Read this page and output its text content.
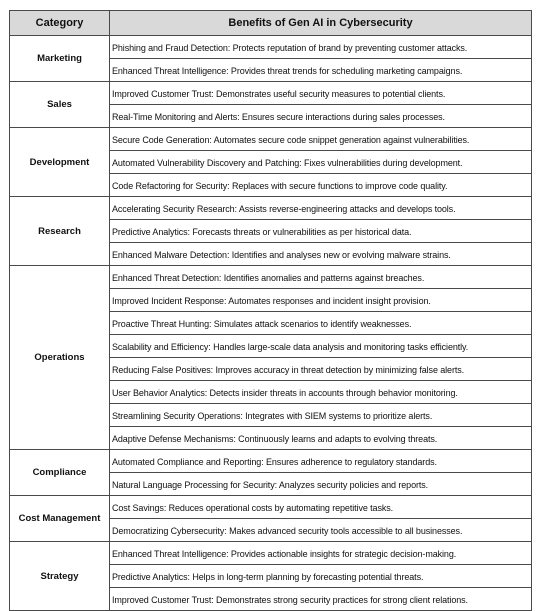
Category	Benefits of Gen AI in Cybersecurity
Marketing	Phishing and Fraud Detection: Protects reputation of brand by preventing customer attacks.
	Enhanced Threat Intelligence: Provides threat trends for scheduling marketing campaigns.
Sales	Improved Customer Trust: Demonstrates useful security measures to potential clients.
	Real-Time Monitoring and Alerts: Ensures secure interactions during sales processes.
Development	Secure Code Generation: Automates secure code snippet generation against vulnerabilities.
	Automated Vulnerability Discovery and Patching: Fixes vulnerabilities during development.
	Code Refactoring for Security: Replaces with secure functions to improve code quality.
Research	Accelerating Security Research: Assists reverse-engineering attacks and develops tools.
	Predictive Analytics: Forecasts threats or vulnerabilities as per historical data.
	Enhanced Malware Detection: Identifies and analyses new or evolving malware strains.
Operations	Enhanced Threat Detection: Identifies anomalies and patterns against breaches.
	Improved Incident Response: Automates responses and incident insight provision.
	Proactive Threat Hunting: Simulates attack scenarios to identify weaknesses.
	Scalability and Efficiency: Handles large-scale data analysis and monitoring tasks efficiently.
	Reducing False Positives: Improves accuracy in threat detection by minimizing false alerts.
	User Behavior Analytics: Detects insider threats in accounts through behavior monitoring.
	Streamlining Security Operations: Integrates with SIEM systems to prioritize alerts.
	Adaptive Defense Mechanisms: Continuously learns and adapts to evolving threats.
Compliance	Automated Compliance and Reporting: Ensures adherence to regulatory standards.
	Natural Language Processing for Security: Analyzes security policies and reports.
Cost Management	Cost Savings: Reduces operational costs by automating repetitive tasks.
	Democratizing Cybersecurity: Makes advanced security tools accessible to all businesses.
Strategy	Enhanced Threat Intelligence: Provides actionable insights for strategic decision-making.
	Predictive Analytics: Helps in long-term planning by forecasting potential threats.
	Improved Customer Trust: Demonstrates strong security practices for strong client relations.
